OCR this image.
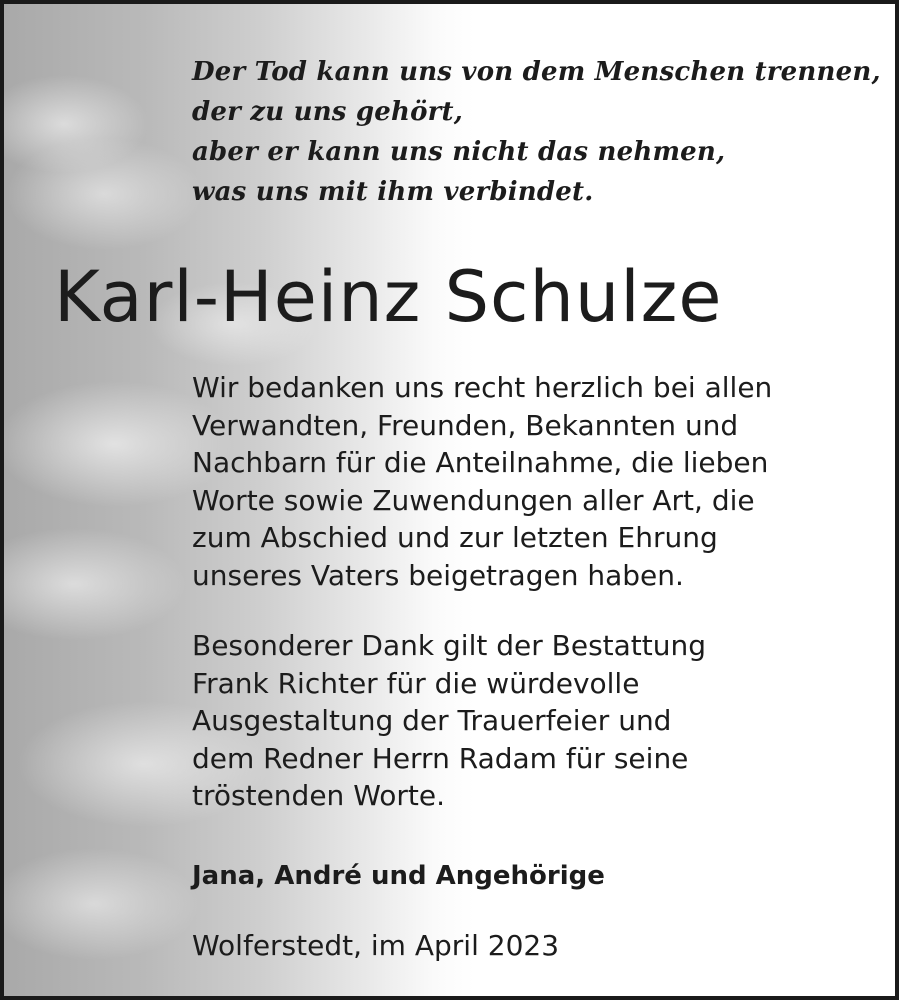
Der Tod kann uns von dem Menschen trennen,
der zu uns gehört,
aber er kann uns nicht das nehmen,
was uns mit ihm verbindet.
Karl-Heinz Schulze
Wir bedanken uns recht herzlich bei allen
Verwandten, Freunden, Bekannten und
Nachbarn für die Anteilnahme, die lieben
Worte sowie Zuwendungen aller Art, die
zum Abschied und zur letzten Ehrung
unseres Vaters beigetragen haben.
Besonderer Dank gilt der Bestattung
Frank Richter für die würdevolle
Ausgestaltung der Trauerfeier und
dem Redner Herrn Radam für seine
tröstenden Worte.

Jana, André und Angehörige

Wolferstedt, im April 2023
